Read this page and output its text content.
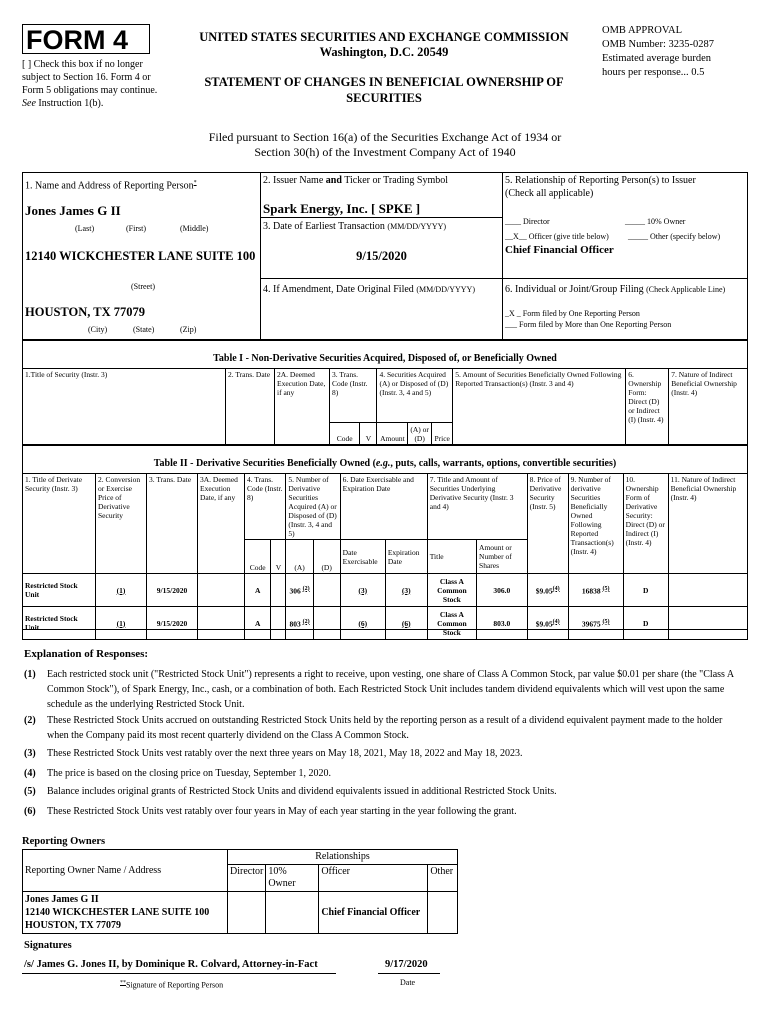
FORM 4
[ ] Check this box if no longer subject to Section 16. Form 4 or Form 5 obligations may continue. See Instruction 1(b).
UNITED STATES SECURITIES AND EXCHANGE COMMISSION
Washington, D.C. 20549
STATEMENT OF CHANGES IN BENEFICIAL OWNERSHIP OF
SECURITIES
OMB APPROVAL
OMB Number: 3235-0287
Estimated average burden
hours per response... 0.5
Filed pursuant to Section 16(a) of the Securities Exchange Act of 1934 or
Section 30(h) of the Investment Company Act of 1940
1. Name and Address of Reporting Person*
Jones James G II
(Last)	(First)	(Middle)
12140 WICKCHESTER LANE SUITE 100
(Street)
HOUSTON, TX 77079
(City)	(State)	(Zip)
2. Issuer Name and Ticker or Trading Symbol
Spark Energy, Inc. [ SPKE ]
3. Date of Earliest Transaction (MM/DD/YYYY)
9/15/2020
4. If Amendment, Date Original Filed (MM/DD/YYYY)
5. Relationship of Reporting Person(s) to Issuer
(Check all applicable)
____ Director	_____ 10% Owner
__X__ Officer (give title below) _____ Other (specify below)
Chief Financial Officer
6. Individual or Joint/Group Filing (Check Applicable Line)
_X _ Form filed by One Reporting Person
___ Form filed by More than One Reporting Person
Table I - Non-Derivative Securities Acquired, Disposed of, or Beneficially Owned
1.Title of Security (Instr. 3)	2. Trans. Date	2A. Deemed Execution Date, if any	3. Trans. Code (Instr. 8)		4. Securities Acquired (A) or Disposed of (D) (Instr. 3, 4 and 5)			5. Amount of Securities Beneficially Owned Following Reported Transaction(s) (Instr. 3 and 4)	6. Ownership Form: Direct (D) or Indirect (I) (Instr. 4)	7. Nature of Indirect Beneficial Ownership (Instr. 4)
			Code	V	Amount	(A) or (D)	Price			
Table II - Derivative Securities Beneficially Owned (e.g., puts, calls, warrants, options, convertible securities)
1. Title of Derivate Security (Instr. 3)	2. Conversion or Exercise Price of Derivative Security	3. Trans. Date	3A. Deemed Execution Date, if any	4. Trans. Code (Instr. 8)		5. Number of Derivative Securities Acquired (A) or Disposed of (D) (Instr. 3, 4 and 5)		6. Date Exercisable and Expiration Date		7. Title and Amount of Securities Underlying Derivative Security (Instr. 3 and 4)		8. Price of Derivative Security (Instr. 5)	9. Number of derivative Securities Beneficially Owned Following Reported Transaction(s) (Instr. 4)	10. Ownership Form of Derivative Security: Direct (D) or Indirect (I) (Instr. 4)	11. Nature of Indirect Beneficial Ownership (Instr. 4)
				Code	V	(A)	(D)	Date Exercisable	Expiration Date	Title	Amount or Number of Shares				
Restricted Stock Unit	(1)	9/15/2020		A		306 $^{(2)}$		(3)	(3)	Class A Common Stock	306.0	$9.05$^{(4)}$	16838 $^{(5)}$	D	
Restricted Stock Unit	(1)	9/15/2020		A		803 $^{(2)}$		(6)	(6)	Class A Common Stock	803.0	$9.05$^{(4)}$	39675 $^{(5)}$	D	
Explanation of Responses:
(1) Each restricted stock unit ("Restricted Stock Unit") represents a right to receive, upon vesting, one share of Class A Common Stock, par value $0.01 per share (the "Class A Common Stock"), of Spark Energy, Inc., cash, or a combination of both. Each Restricted Stock Unit includes tandem dividend equivalents which will vest upon the same schedule as the underlying Restricted Stock Unit.
(2) These Restricted Stock Units accrued on outstanding Restricted Stock Units held by the reporting person as a result of a dividend equivalent payment made to the holder when the Company paid its most recent quarterly dividend on the Class A Common Stock.
(3) These Restricted Stock Units vest ratably over the next three years on May 18, 2021, May 18, 2022 and May 18, 2023.
(4) The price is based on the closing price on Tuesday, September 1, 2020.
(5) Balance includes original grants of Restricted Stock Units and dividend equivalents issued in additional Restricted Stock Units.
(6) These Restricted Stock Units vest ratably over four years in May of each year starting in the year following the grant.
Reporting Owners
Reporting Owner Name / Address	Relationships			
	Director	10% Owner	Officer	Other

Jones James G II
12140 WICKCHESTER LANE SUITE 100
HOUSTON, TX 77079			Chief Financial Officer	
Signatures
/s/ James G. Jones II, by Dominique R. Colvard, Attorney-in-Fact	9/17/2020
**Signature of Reporting Person	Date
